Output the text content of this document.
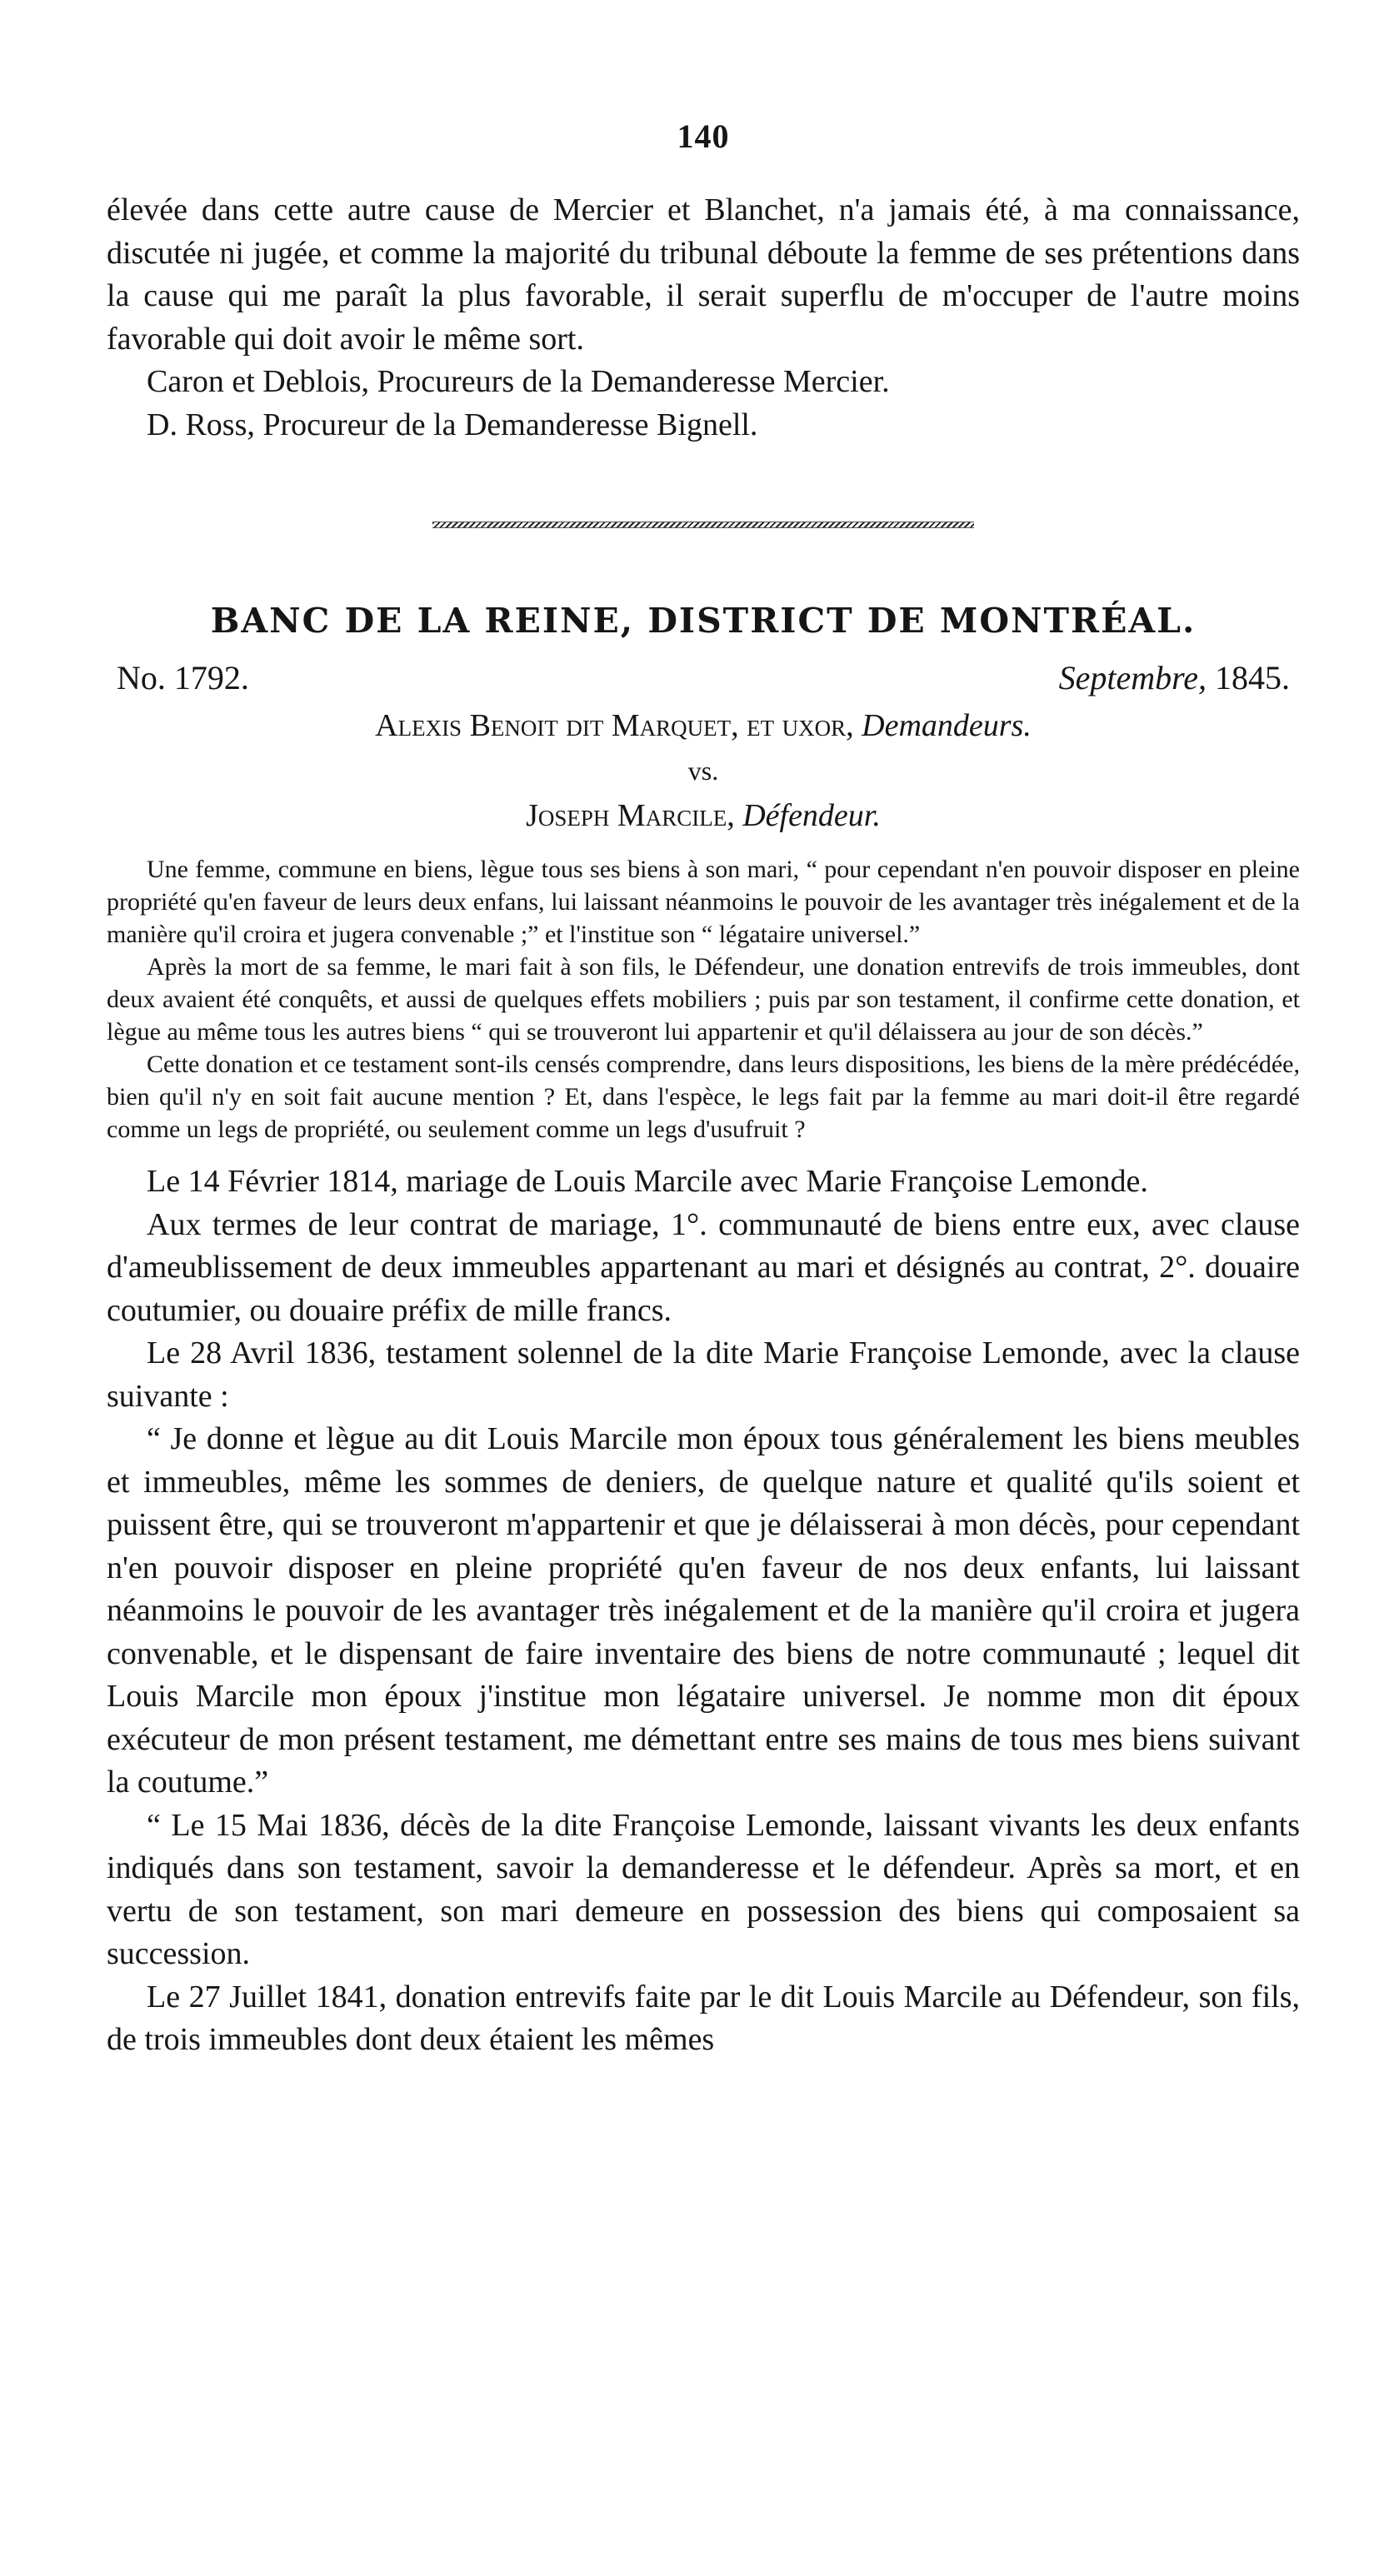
140

élevée dans cette autre cause de Mercier et Blanchet, n'a jamais été, à ma connaissance, discutée ni jugée, et comme la majorité du tribunal déboute la femme de ses prétentions dans la cause qui me paraît la plus favorable, il serait superflu de m'occuper de l'autre moins favorable qui doit avoir le même sort.

Caron et Deblois, Procureurs de la Demanderesse Mercier.

D. Ross, Procureur de la Demanderesse Bignell.

BANC DE LA REINE, DISTRICT DE MONTRÉAL.
No. 1792.	Septembre, 1845.
Alexis Benoit dit Marquet, et uxor, Demandeurs.
vs.
Joseph Marcile, Défendeur.

Une femme, commune en biens, lègue tous ses biens à son mari, “ pour cependant n'en pouvoir disposer en pleine propriété qu'en faveur de leurs deux enfans, lui laissant néanmoins le pouvoir de les avantager très inégalement et de la manière qu'il croira et jugera convenable ;” et l'institue son “ légataire universel.”

Après la mort de sa femme, le mari fait à son fils, le Défendeur, une donation entrevifs de trois immeubles, dont deux avaient été conquêts, et aussi de quelques effets mobiliers ; puis par son testament, il confirme cette donation, et lègue au même tous les autres biens “ qui se trouveront lui appartenir et qu'il délaissera au jour de son décès.”

Cette donation et ce testament sont-ils censés comprendre, dans leurs dispositions, les biens de la mère prédécédée, bien qu'il n'y en soit fait aucune mention ? Et, dans l'espèce, le legs fait par la femme au mari doit-il être regardé comme un legs de propriété, ou seulement comme un legs d'usufruit ?

Le 14 Février 1814, mariage de Louis Marcile avec Marie Françoise Lemonde.

Aux termes de leur contrat de mariage, 1°. communauté de biens entre eux, avec clause d'ameublissement de deux immeubles appartenant au mari et désignés au contrat, 2°. douaire coutumier, ou douaire préfix de mille francs.

Le 28 Avril 1836, testament solennel de la dite Marie Françoise Lemonde, avec la clause suivante :

“ Je donne et lègue au dit Louis Marcile mon époux tous généralement les biens meubles et immeubles, même les sommes de deniers, de quelque nature et qualité qu'ils soient et puissent être, qui se trouveront m'appartenir et que je délaisserai à mon décès, pour cependant n'en pouvoir disposer en pleine propriété qu'en faveur de nos deux enfants, lui laissant néanmoins le pouvoir de les avantager très inégalement et de la manière qu'il croira et jugera convenable, et le dispensant de faire inventaire des biens de notre communauté ; lequel dit Louis Marcile mon époux j'institue mon légataire universel. Je nomme mon dit époux exécuteur de mon présent testament, me démettant entre ses mains de tous mes biens suivant la coutume.”

“ Le 15 Mai 1836, décès de la dite Françoise Lemonde, laissant vivants les deux enfants indiqués dans son testament, savoir la demanderesse et le défendeur. Après sa mort, et en vertu de son testament, son mari demeure en possession des biens qui composaient sa succession.

Le 27 Juillet 1841, donation entrevifs faite par le dit Louis Marcile au Défendeur, son fils, de trois immeubles dont deux étaient les mêmes
